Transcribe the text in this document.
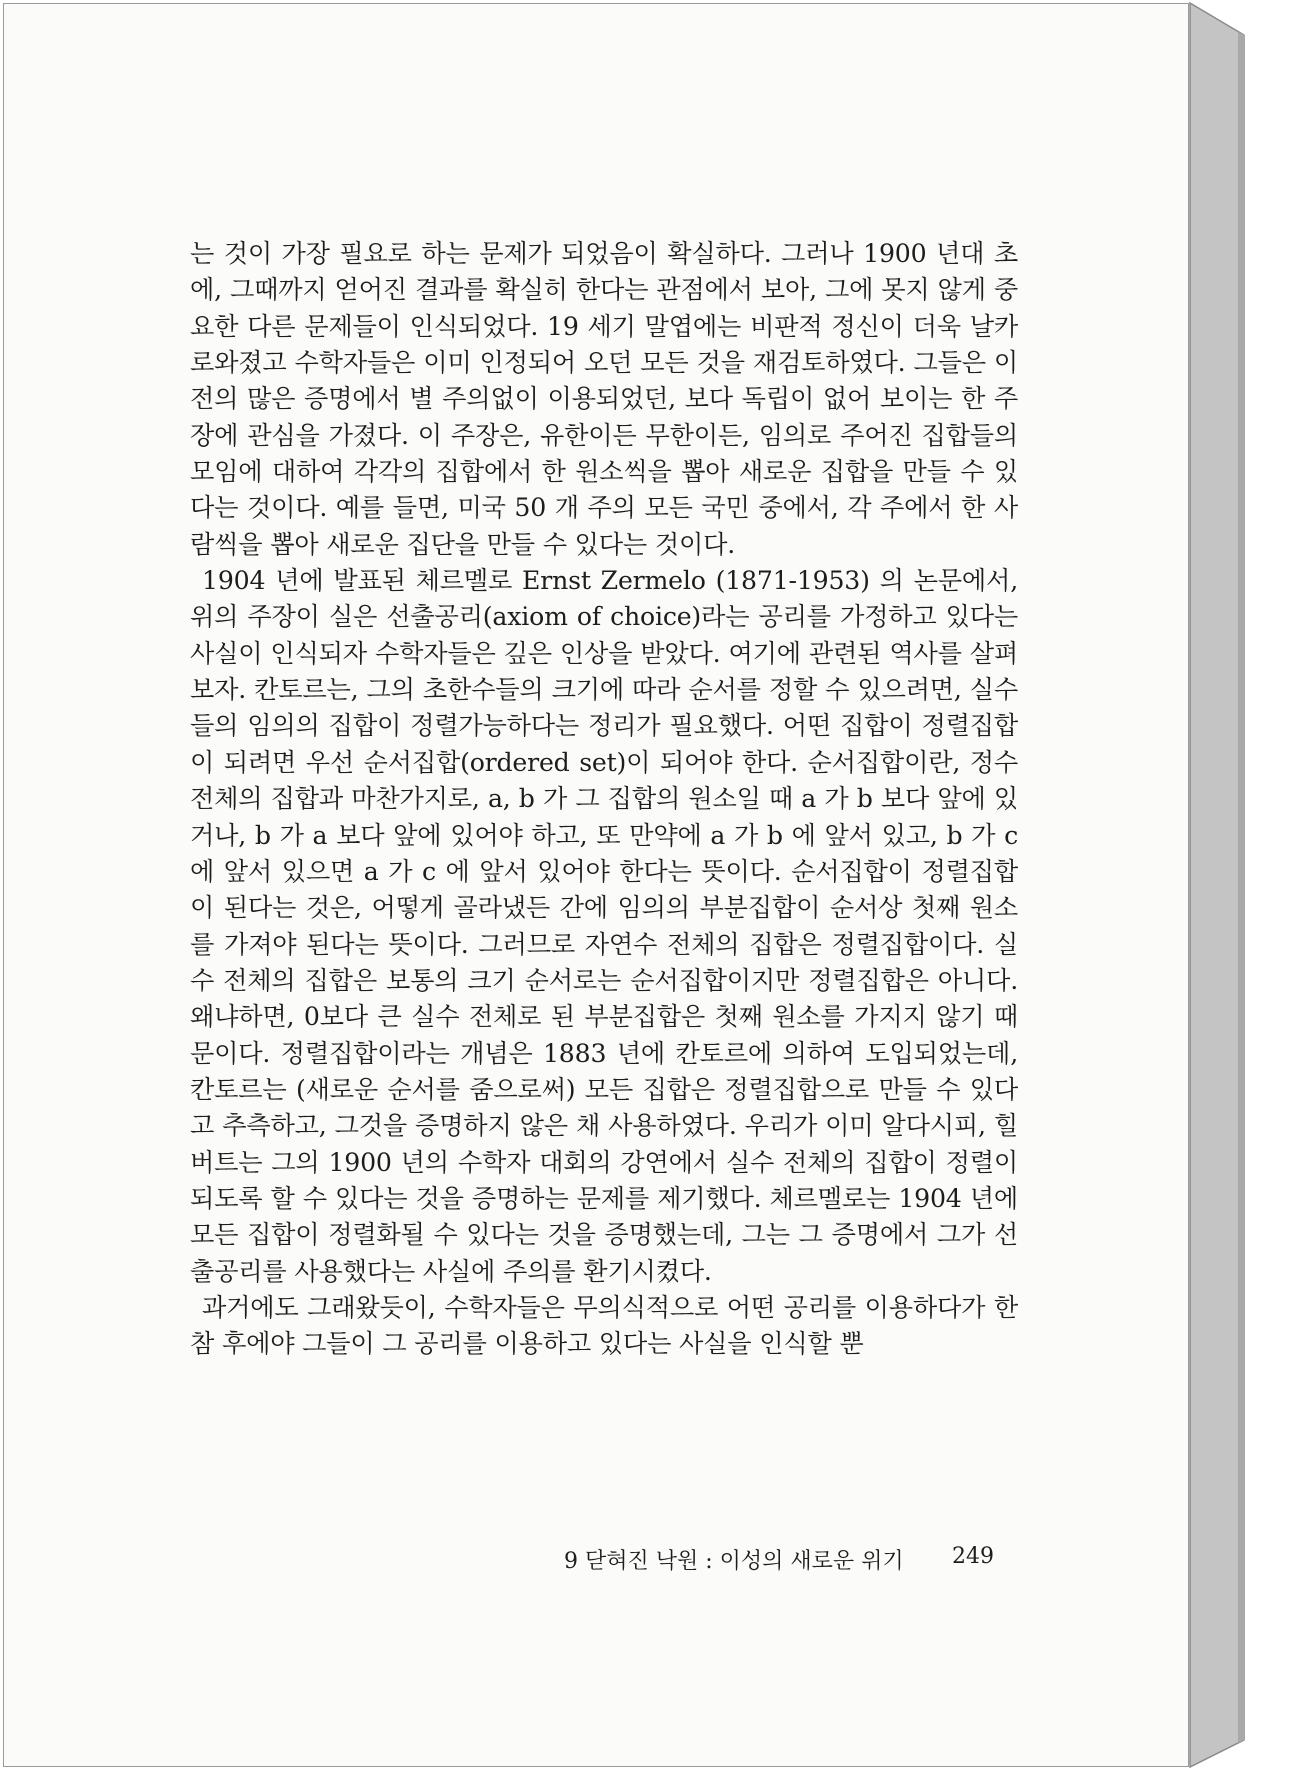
는 것이 가장 필요로 하는 문제가 되었음이 확실하다. 그러나 1900 년대 초에, 그때까지 얻어진 결과를 확실히 한다는 관점에서 보아, 그에 못지 않게 중요한 다른 문제들이 인식되었다. 19 세기 말엽에는 비판적 정신이 더욱 날카로와졌고 수학자들은 이미 인정되어 오던 모든 것을 재검토하였다. 그들은 이전의 많은 증명에서 별 주의없이 이용되었던, 보다 독립이 없어 보이는 한 주장에 관심을 가졌다. 이 주장은, 유한이든 무한이든, 임의로 주어진 집합들의 모임에 대하여 각각의 집합에서 한 원소씩을 뽑아 새로운 집합을 만들 수 있다는 것이다. 예를 들면, 미국 50 개 주의 모든 국민 중에서, 각 주에서 한 사람씩을 뽑아 새로운 집단을 만들 수 있다는 것이다.

1904 년에 발표된 체르멜로 Ernst Zermelo (1871-1953) 의 논문에서, 위의 주장이 실은 선출공리(axiom of choice)라는 공리를 가정하고 있다는 사실이 인식되자 수학자들은 깊은 인상을 받았다. 여기에 관련된 역사를 살펴보자. 칸토르는, 그의 초한수들의 크기에 따라 순서를 정할 수 있으려면, 실수들의 임의의 집합이 정렬가능하다는 정리가 필요했다. 어떤 집합이 정렬집합이 되려면 우선 순서집합(ordered set)이 되어야 한다. 순서집합이란, 정수 전체의 집합과 마찬가지로, a, b 가 그 집합의 원소일 때 a 가 b 보다 앞에 있거나, b 가 a 보다 앞에 있어야 하고, 또 만약에 a 가 b 에 앞서 있고, b 가 c 에 앞서 있으면 a 가 c 에 앞서 있어야 한다는 뜻이다. 순서집합이 정렬집합이 된다는 것은, 어떻게 골라냈든 간에 임의의 부분집합이 순서상 첫째 원소를 가져야 된다는 뜻이다. 그러므로 자연수 전체의 집합은 정렬집합이다. 실수 전체의 집합은 보통의 크기 순서로는 순서집합이지만 정렬집합은 아니다. 왜냐하면, 0보다 큰 실수 전체로 된 부분집합은 첫째 원소를 가지지 않기 때문이다. 정렬집합이라는 개념은 1883 년에 칸토르에 의하여 도입되었는데, 칸토르는 (새로운 순서를 줌으로써) 모든 집합은 정렬집합으로 만들 수 있다고 추측하고, 그것을 증명하지 않은 채 사용하였다. 우리가 이미 알다시피, 힐버트는 그의 1900 년의 수학자 대회의 강연에서 실수 전체의 집합이 정렬이 되도록 할 수 있다는 것을 증명하는 문제를 제기했다. 체르멜로는 1904 년에 모든 집합이 정렬화될 수 있다는 것을 증명했는데, 그는 그 증명에서 그가 선출공리를 사용했다는 사실에 주의를 환기시켰다.

과거에도 그래왔듯이, 수학자들은 무의식적으로 어떤 공리를 이용하다가 한참 후에야 그들이 그 공리를 이용하고 있다는 사실을 인식할 뿐

9 닫혀진 낙원 : 이성의 새로운 위기 249
